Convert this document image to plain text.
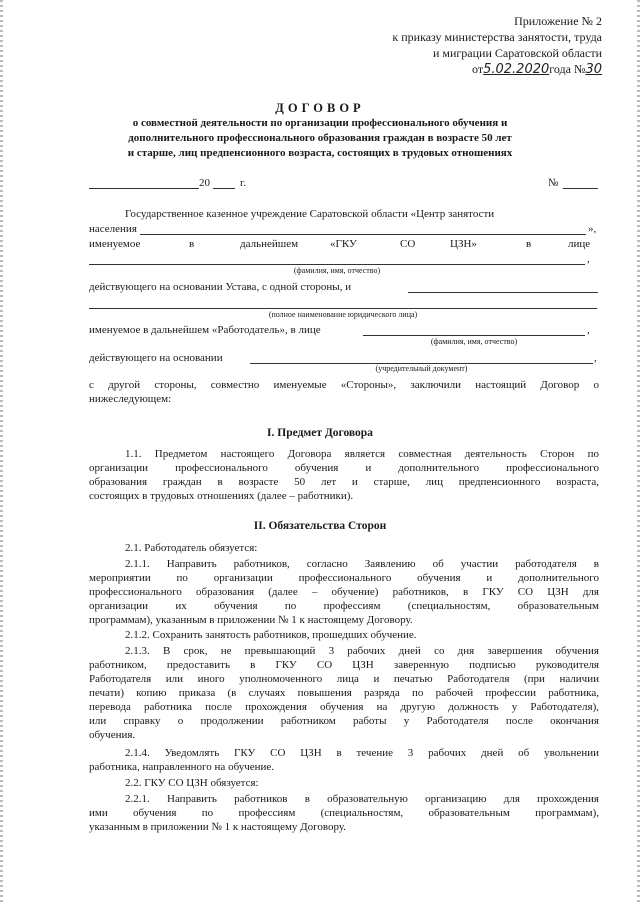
Приложение № 2
к приказу министерства занятости, труда
и миграции Саратовской области
от5.02.2020года №30
ДОГОВОР
о совместной деятельности по организации профессионального обучения и
дополнительного профессионального образования граждан в возрасте 50 лет
и старше, лиц предпенсионного возраста, состоящих в трудовых отношениях
20	г.	№
Государственное казенное учреждение Саратовской области «Центр занятости
населения	»,
именуемое	в	дальнейшем	«ГКУ	СО	ЦЗН»	в	лице
,
(фамилия, имя, отчество)
действующего на основании Устава, с одной стороны, и
(полное наименование юридического лица)
именуемое в дальнейшем «Работодатель», в лице	,
(фамилия, имя, отчество)
действующего на основании	,
(учредительный документ)
с другой стороны, совместно именуемые «Стороны», заключили настоящий Договор о
нижеследующем:
I. Предмет Договора
1.1. Предметом настоящего Договора является совместная деятельность Сторон по
организации профессионального обучения и дополнительного профессионального
образования граждан в возрасте 50 лет и старше, лиц предпенсионного возраста,
состоящих в трудовых отношениях (далее – работники).
II. Обязательства Сторон
2.1. Работодатель обязуется:
2.1.1. Направить работников, согласно Заявлению об участии работодателя в
мероприятии по организации профессионального обучения и дополнительного
профессионального образования (далее – обучение) работников, в ГКУ СО ЦЗН для
организации их обучения по профессиям (специальностям, образовательным
программам), указанным в приложении № 1 к настоящему Договору.
2.1.2. Сохранить занятость работников, прошедших обучение.
2.1.3. В срок, не превышающий 3 рабочих дней со дня завершения обучения
работником, предоставить в ГКУ СО ЦЗН заверенную подписью руководителя
Работодателя или иного уполномоченного лица и печатью Работодателя (при наличии
печати) копию приказа (в случаях повышения разряда по рабочей профессии работника,
перевода работника после прохождения обучения на другую должность у Работодателя),
или справку о продолжении работником работы у Работодателя после окончания
обучения.
2.1.4. Уведомлять ГКУ СО ЦЗН в течение 3 рабочих дней об увольнении
работника, направленного на обучение.
2.2. ГКУ СО ЦЗН обязуется:
2.2.1. Направить работников в образовательную организацию для прохождения
ими обучения по профессиям (специальностям, образовательным программам),
указанным в приложении № 1 к настоящему Договору.
